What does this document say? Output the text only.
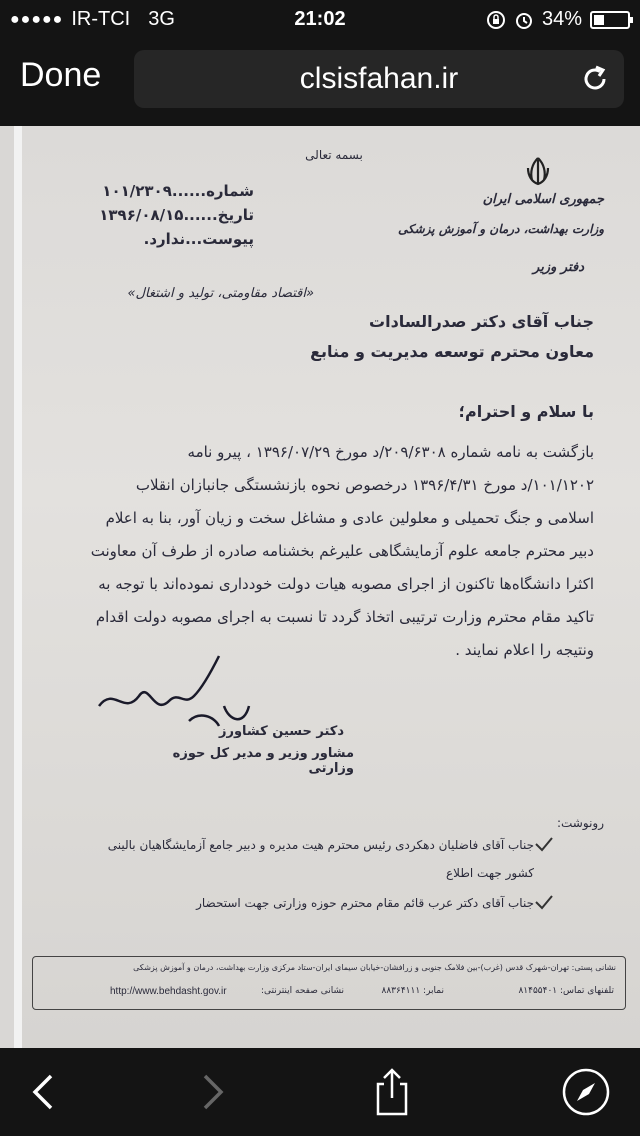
●●●●● IR-TCI 3G	21:02	34%
Done	clsisfahan.ir
بسمه تعالی
شماره......۱۰۱/۲۳۰۹
تاریخ......۱۳۹۶/۰۸/۱۵
پیوست...ندارد.
«اقتصاد مقاومتی، تولید و اشتغال»
جمهوری اسلامی ایران
وزارت بهداشت، درمان و آموزش پزشکی
دفتر وزیر
جناب آقای دکتر صدرالسادات
معاون محترم توسعه مدیریت و منابع
با سلام و احترام؛
بازگشت به نامه شماره ۲۰۹/۶۳۰۸/د مورخ ۱۳۹۶/۰۷/۲۹ ، پیرو نامه
۱۰۱/۱۲۰۲/د مورخ ۱۳۹۶/۴/۳۱ درخصوص نحوه بازنشستگی جانبازان انقلاب
اسلامی و جنگ تحمیلی و معلولین عادی و مشاغل سخت و زیان آور، بنا به اعلام
دبیر محترم جامعه علوم آزمایشگاهی علیرغم بخشنامه صادره از طرف آن معاونت
اکثرا دانشگاه‌ها تاکنون از اجرای مصوبه هیات دولت خودداری نموده‌اند با توجه به
تاکید مقام محترم وزارت ترتیبی اتخاذ گردد تا نسبت به اجرای مصوبه دولت اقدام
ونتیجه را اعلام نمایند .
دکتر حسین کشاورز
مشاور وزیر و مدیر کل حوزه وزارتی
رونوشت:
جناب آقای فاضلیان دهکردی رئیس محترم هیت مدیره و دبیر جامع آزمایشگاهیان بالینی
کشور جهت اطلاع
جناب آقای دکتر عرب قائم مقام محترم حوزه وزارتی جهت استحضار
نشانی پستی: تهران-شهرک قدس (غرب)-بین فلامک جنوبی و زرافشان-خیابان سیمای ایران-ستاد مرکزی وزارت بهداشت، درمان و آموزش پزشکی
تلفنهای تماس: ۸۱۴۵۵۴۰۱
نمابر: ۸۸۳۶۴۱۱۱
نشانی صفحه اینترنتی:
http://www.behdasht.gov.ir
